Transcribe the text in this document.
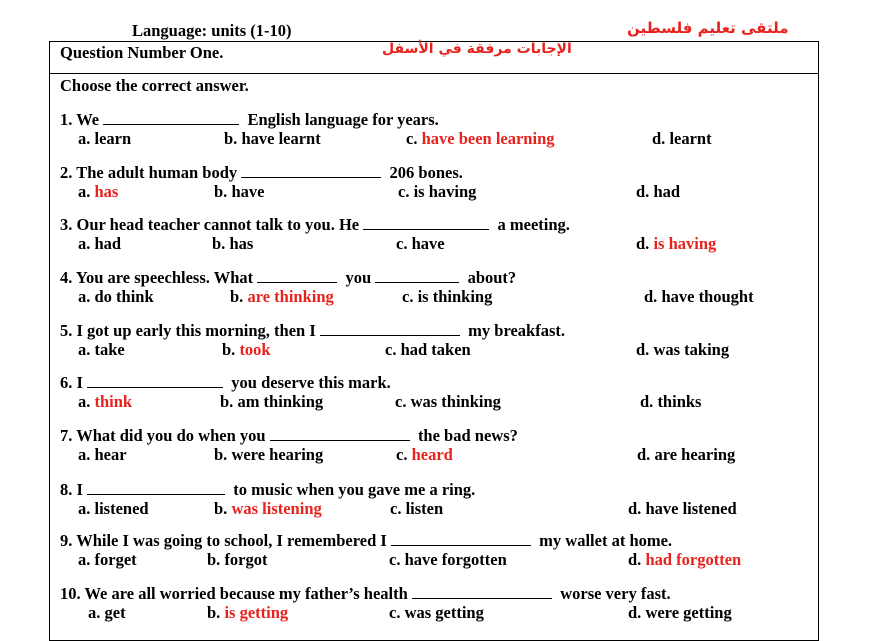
Language: units (1-10)	ملتقى تعليم فلسطين
Question Number One.	الإجابات مرفقة في الأسفل
Choose the correct answer.
1. We	English language for years.
a. learn	b. have learnt	c. have been learning	d. learnt
2. The adult human body	206 bones.
a. has	b. have	c. is having	d. had
3. Our head teacher cannot talk to you. He	a meeting.
a. had	b. has	c. have	d. is having
4. You are speechless. What	you	about?
a. do think	b. are thinking	c. is thinking	d. have thought
5. I got up early this morning, then I	my breakfast.
a. take	b. took	c. had taken	d. was taking
6. I	you deserve this mark.
a. think	b. am thinking	c. was thinking	d. thinks
7. What did you do when you	the bad news?
a. hear	b. were hearing	c. heard	d. are hearing
8. I	to music when you gave me a ring.
a. listened	b. was listening	c. listen	d. have listened
9. While I was going to school, I remembered I	my wallet at home.
a. forget	b. forgot	c. have forgotten	d. had forgotten
10. We are all worried because my father’s health	worse very fast.
a. get	b. is getting	c. was getting	d. were getting
